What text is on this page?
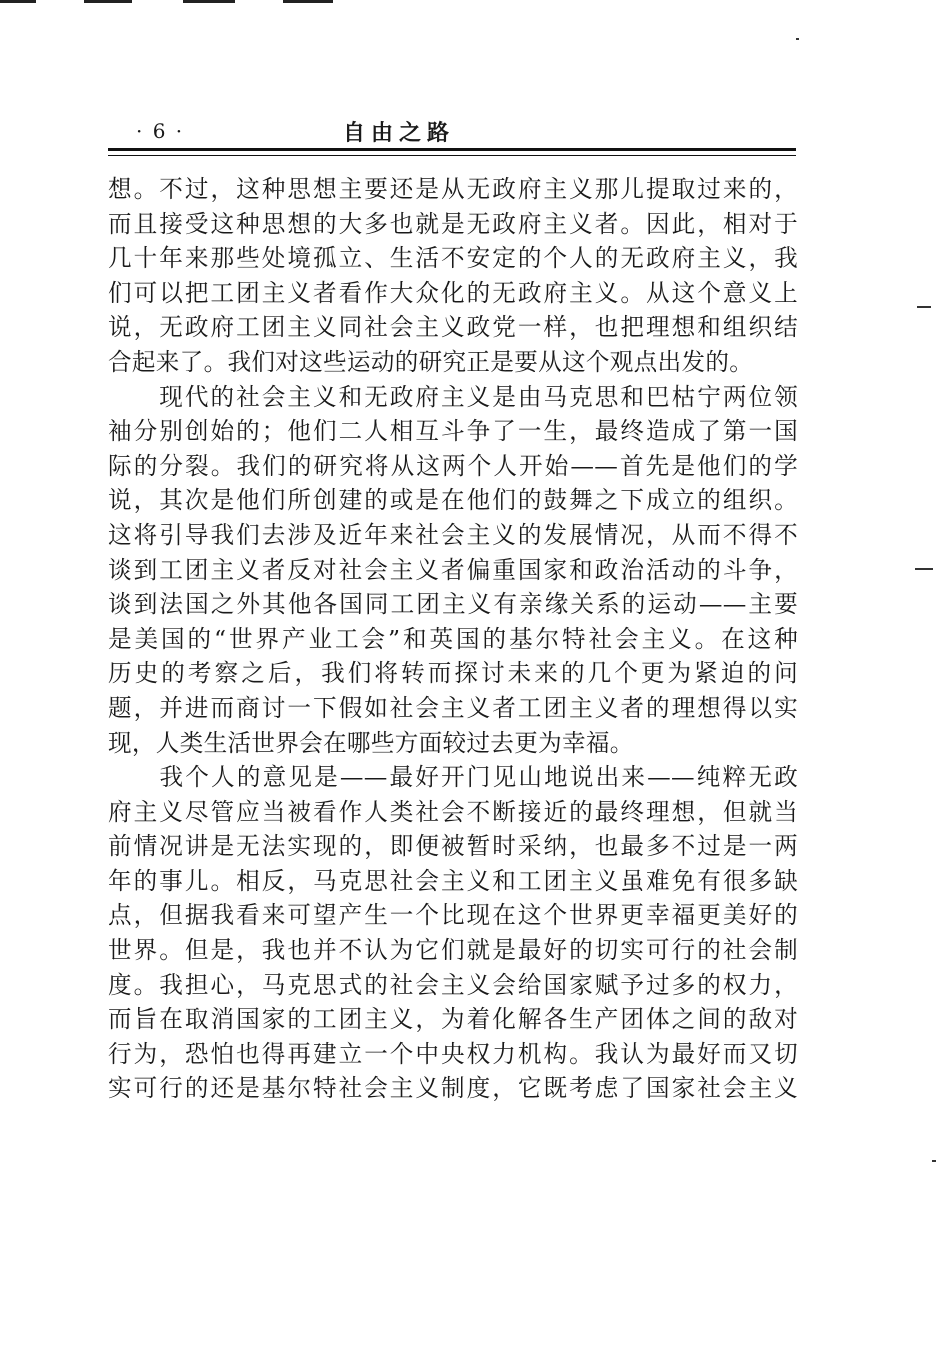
· 6 ·	自由之路
想。不过，这种思想主要还是从无政府主义那儿提取过来的，
而且接受这种思想的大多也就是无政府主义者。因此，相对于
几十年来那些处境孤立、生活不安定的个人的无政府主义，我
们可以把工团主义者看作大众化的无政府主义。从这个意义上
说，无政府工团主义同社会主义政党一样，也把理想和组织结
合起来了。我们对这些运动的研究正是要从这个观点出发的。
　　现代的社会主义和无政府主义是由马克思和巴枯宁两位领
袖分别创始的；他们二人相互斗争了一生，最终造成了第一国
际的分裂。我们的研究将从这两个人开始——首先是他们的学
说，其次是他们所创建的或是在他们的鼓舞之下成立的组织。
这将引导我们去涉及近年来社会主义的发展情况，从而不得不
谈到工团主义者反对社会主义者偏重国家和政治活动的斗争，
谈到法国之外其他各国同工团主义有亲缘关系的运动——主要
是美国的“世界产业工会”和英国的基尔特社会主义。在这种
历史的考察之后，我们将转而探讨未来的几个更为紧迫的问
题，并进而商讨一下假如社会主义者工团主义者的理想得以实
现，人类生活世界会在哪些方面较过去更为幸福。
　　我个人的意见是——最好开门见山地说出来——纯粹无政
府主义尽管应当被看作人类社会不断接近的最终理想，但就当
前情况讲是无法实现的，即便被暂时采纳，也最多不过是一两
年的事儿。相反，马克思社会主义和工团主义虽难免有很多缺
点，但据我看来可望产生一个比现在这个世界更幸福更美好的
世界。但是，我也并不认为它们就是最好的切实可行的社会制
度。我担心，马克思式的社会主义会给国家赋予过多的权力，
而旨在取消国家的工团主义，为着化解各生产团体之间的敌对
行为，恐怕也得再建立一个中央权力机构。我认为最好而又切
实可行的还是基尔特社会主义制度，它既考虑了国家社会主义
